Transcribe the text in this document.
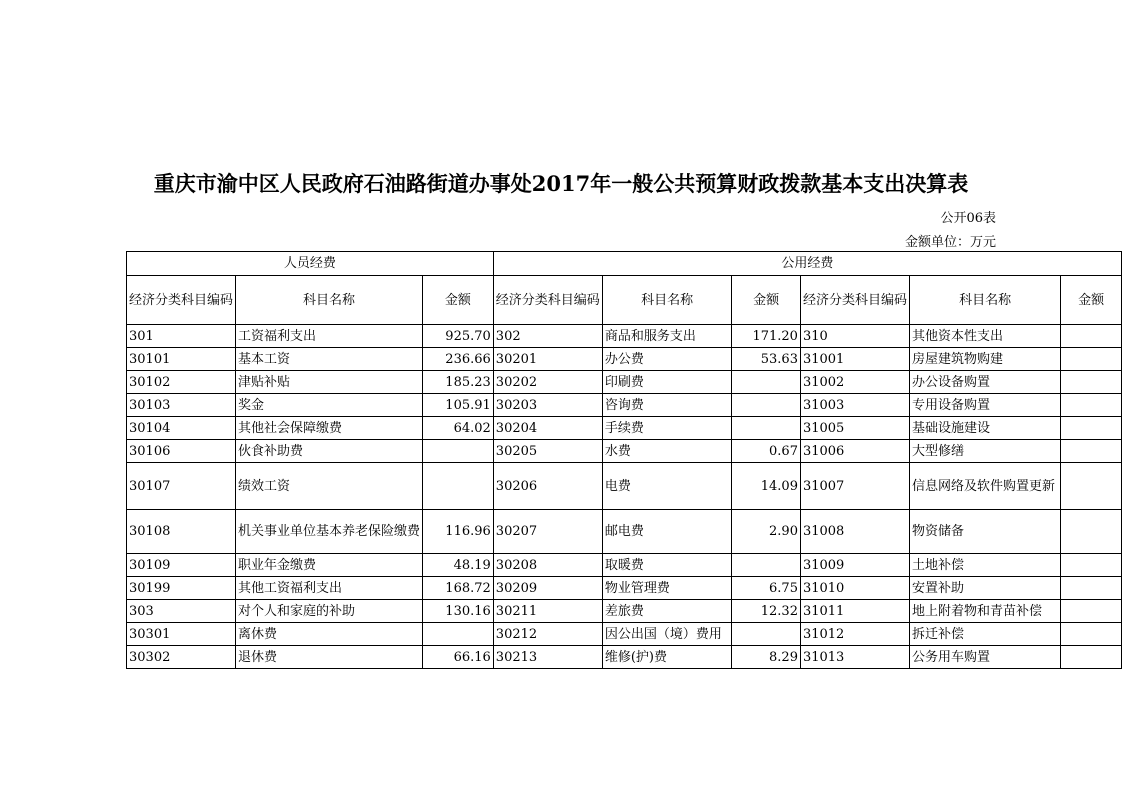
重庆市渝中区人民政府石油路街道办事处2017年一般公共预算财政拨款基本支出决算表
公开06表
金额单位：万元
人员经费			公用经费					
经济分类科目编码	科目名称	金额	经济分类科目编码	科目名称	金额	经济分类科目编码	科目名称	金额
301	工资福利支出	925.70	302	商品和服务支出	171.20	310	其他资本性支出	
30101	基本工资	236.66	30201	办公费	53.63	31001	房屋建筑物购建	
30102	津贴补贴	185.23	30202	印刷费		31002	办公设备购置	
30103	奖金	105.91	30203	咨询费		31003	专用设备购置	
30104	其他社会保障缴费	64.02	30204	手续费		31005	基础设施建设	
30106	伙食补助费		30205	水费	0.67	31006	大型修缮	
30107	绩效工资		30206	电费	14.09	31007	信息网络及软件购置更新	
30108	机关事业单位基本养老保险缴费	116.96	30207	邮电费	2.90	31008	物资储备	
30109	职业年金缴费	48.19	30208	取暖费		31009	土地补偿	
30199	其他工资福利支出	168.72	30209	物业管理费	6.75	31010	安置补助	
303	对个人和家庭的补助	130.16	30211	差旅费	12.32	31011	地上附着物和青苗补偿	
30301	离休费		30212	因公出国（境）费用		31012	拆迁补偿	
30302	退休费	66.16	30213	维修(护)费	8.29	31013	公务用车购置	
